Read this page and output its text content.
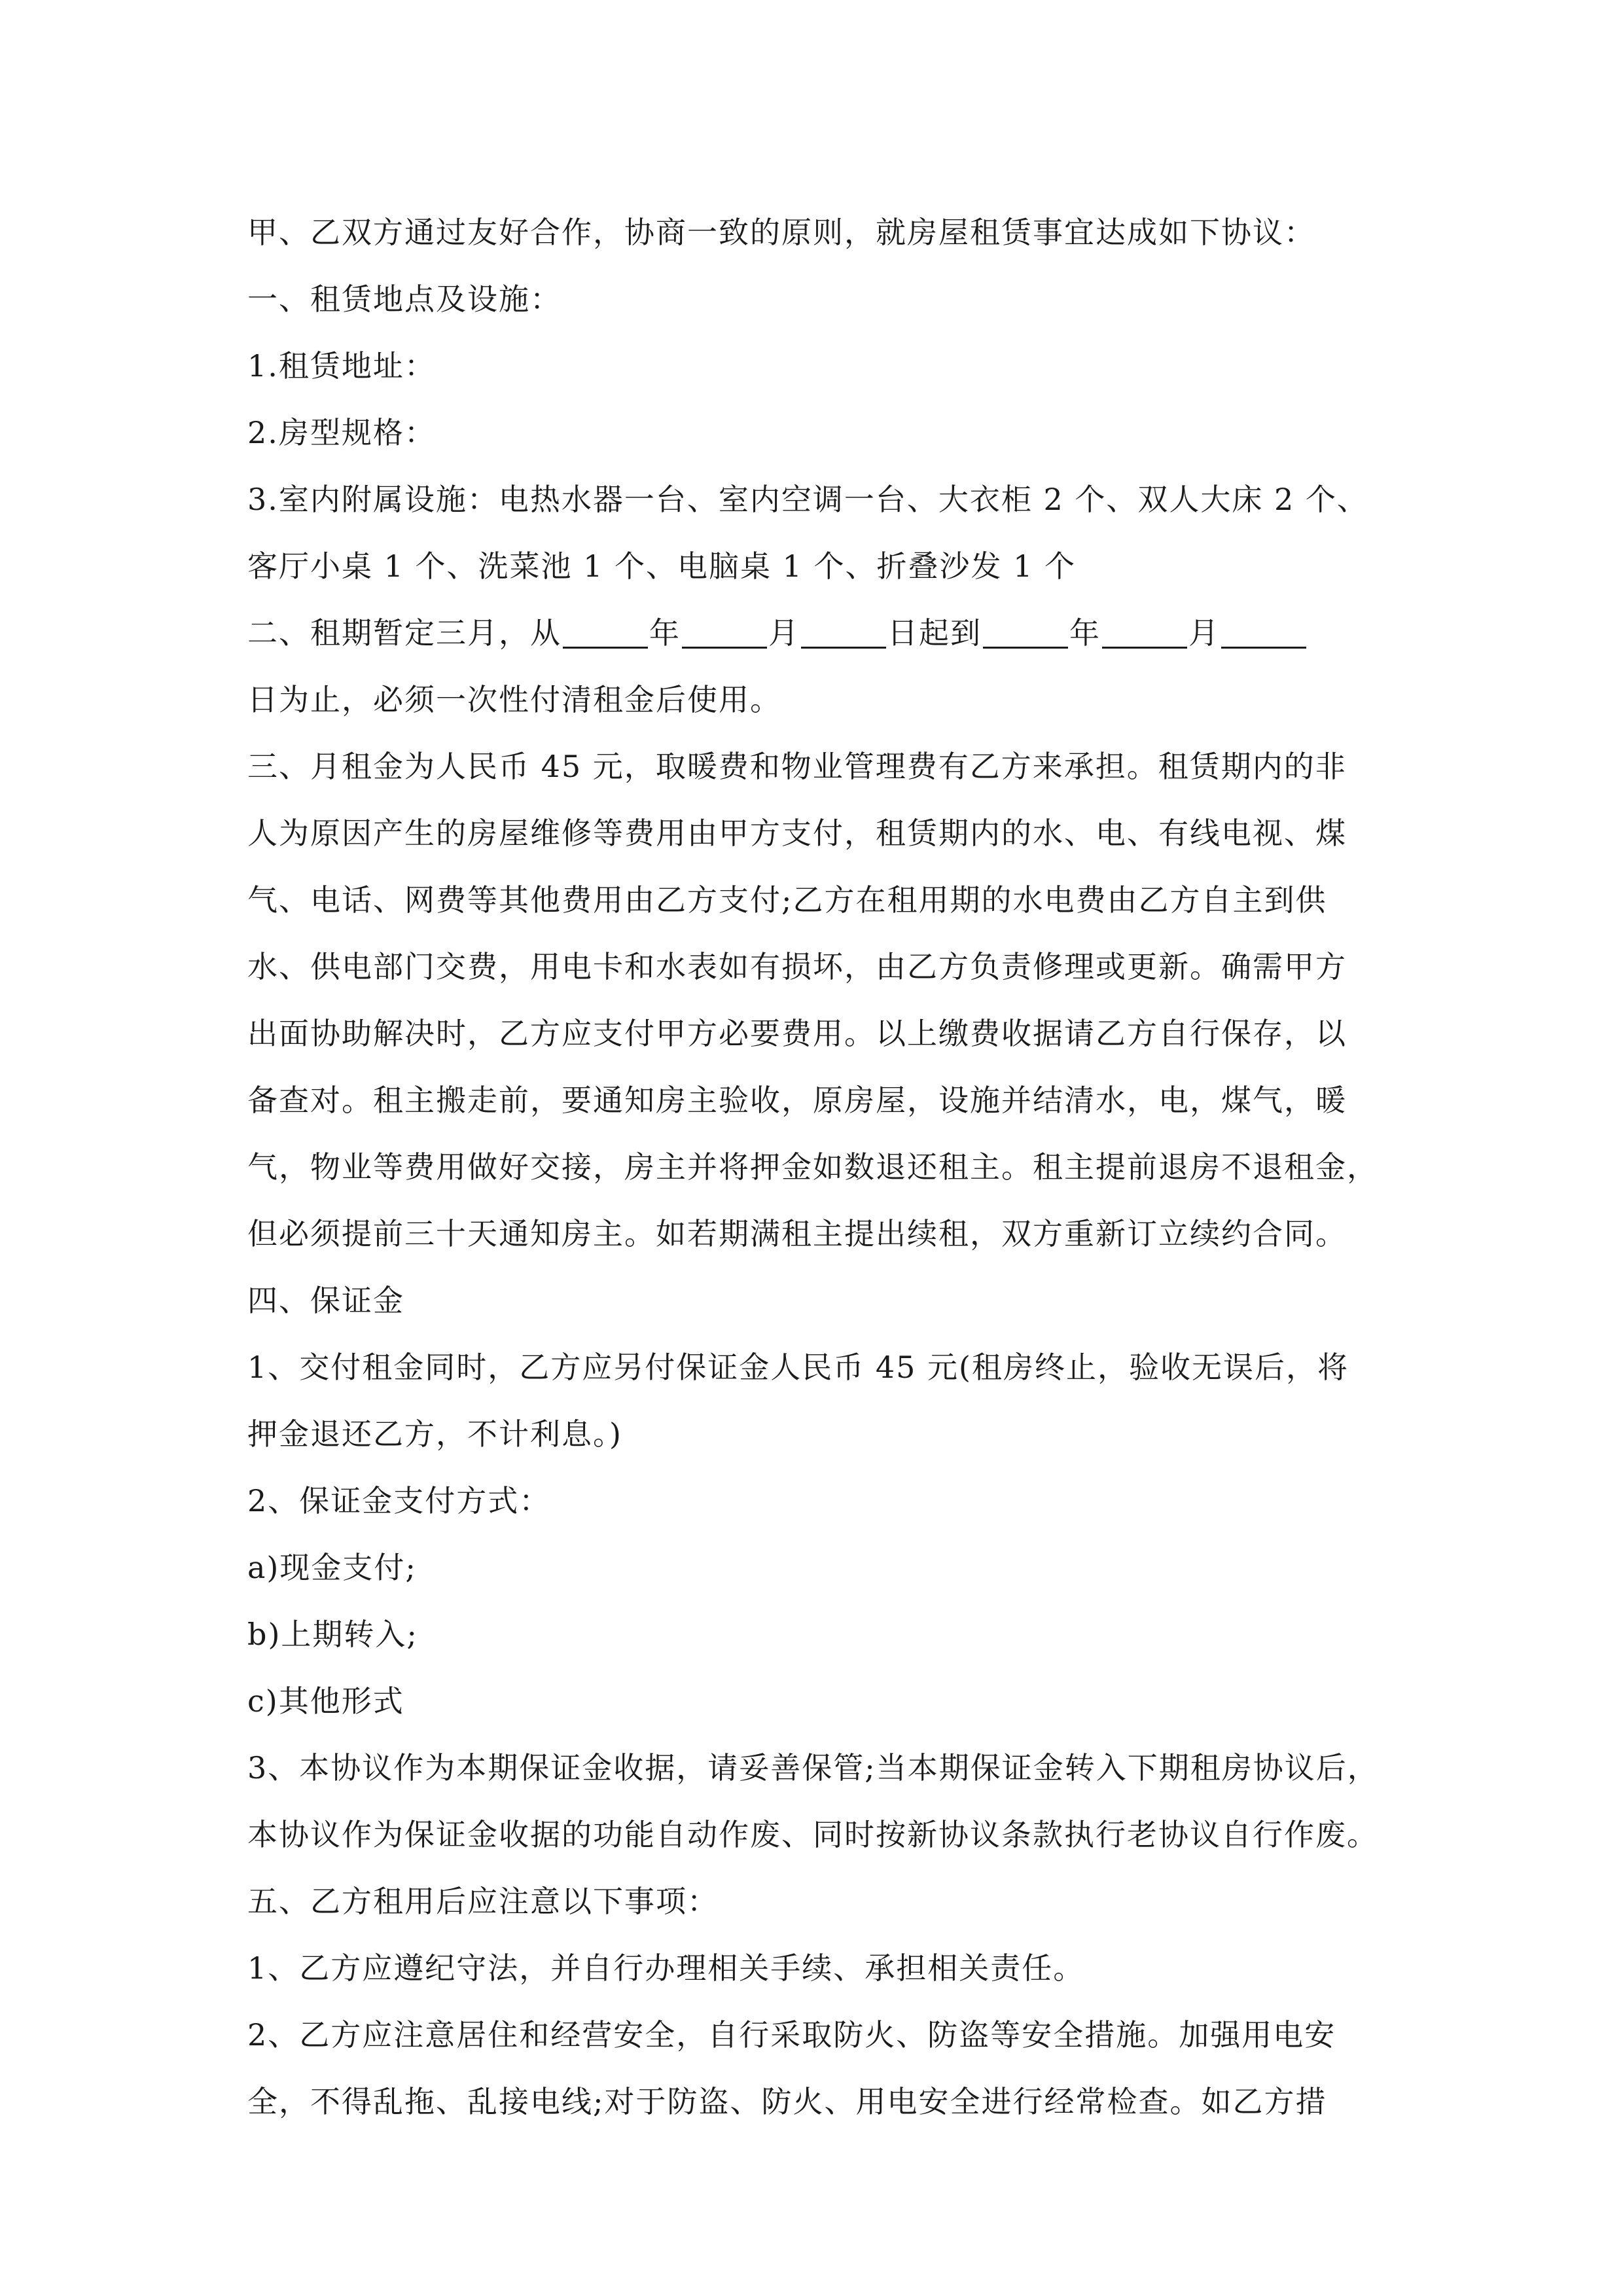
甲、乙双方通过友好合作，协商一致的原则，就房屋租赁事宜达成如下协议：
一、租赁地点及设施：
1.租赁地址：
2.房型规格：
3.室内附属设施：电热水器一台、室内空调一台、大衣柜 2 个、双人大床 2 个、
客厅小桌 1 个、洗菜池 1 个、电脑桌 1 个、折叠沙发 1 个
二、租期暂定三月，从	年	月	日起到	年	月
日为止，必须一次性付清租金后使用。
三、月租金为人民币 45 元，取暖费和物业管理费有乙方来承担。租赁期内的非
人为原因产生的房屋维修等费用由甲方支付，租赁期内的水、电、有线电视、煤
气、电话、网费等其他费用由乙方支付;乙方在租用期的水电费由乙方自主到供
水、供电部门交费，用电卡和水表如有损坏，由乙方负责修理或更新。确需甲方
出面协助解决时，乙方应支付甲方必要费用。以上缴费收据请乙方自行保存，以
备查对。租主搬走前，要通知房主验收，原房屋，设施并结清水，电，煤气，暖
气，物业等费用做好交接，房主并将押金如数退还租主。租主提前退房不退租金，
但必须提前三十天通知房主。如若期满租主提出续租，双方重新订立续约合同。
四、保证金
1、交付租金同时，乙方应另付保证金人民币 45 元(租房终止，验收无误后，将
押金退还乙方，不计利息。)
2、保证金支付方式：
a)现金支付;
b)上期转入;
c)其他形式
3、本协议作为本期保证金收据，请妥善保管;当本期保证金转入下期租房协议后，
本协议作为保证金收据的功能自动作废、同时按新协议条款执行老协议自行作废。
五、乙方租用后应注意以下事项：
1、乙方应遵纪守法，并自行办理相关手续、承担相关责任。
2、乙方应注意居住和经营安全，自行采取防火、防盗等安全措施。加强用电安
全，不得乱拖、乱接电线;对于防盗、防火、用电安全进行经常检查。如乙方措
